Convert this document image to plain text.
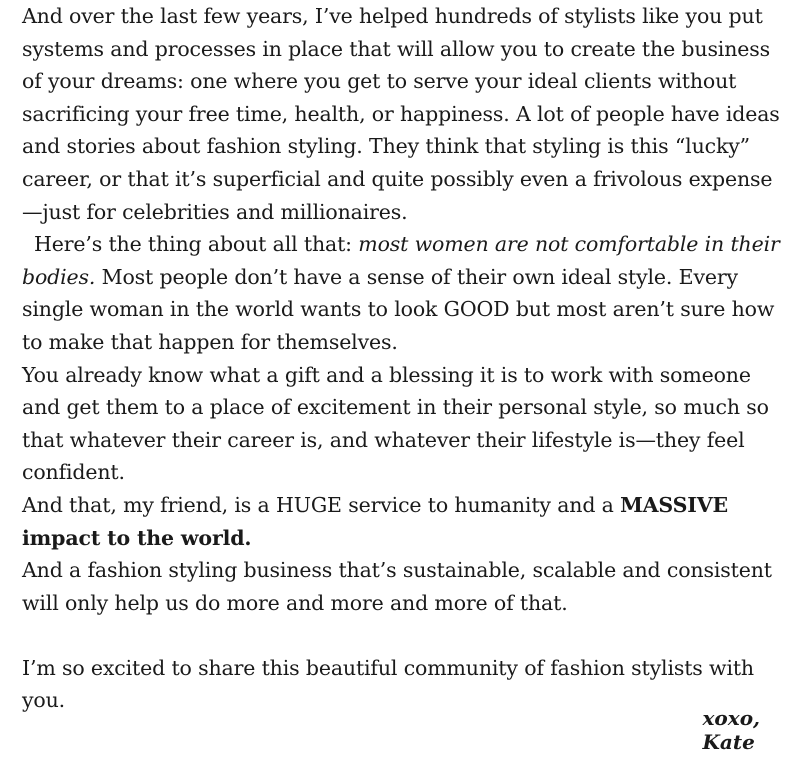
And over the last few years, I’ve helped hundreds of stylists like you put systems and processes in place that will allow you to create the business of your dreams: one where you get to serve your ideal clients without sacrificing your free time, health, or happiness. A lot of people have ideas and stories about fashion styling. They think that styling is this “lucky” career, or that it’s superficial and quite possibly even a frivolous expense—just for celebrities and millionaires.

Here’s the thing about all that: most women are not comfortable in their bodies. Most people don’t have a sense of their own ideal style. Every single woman in the world wants to look GOOD but most aren’t sure how to make that happen for themselves.

You already know what a gift and a blessing it is to work with someone and get them to a place of excitement in their personal style, so much so that whatever their career is, and whatever their lifestyle is—they feel confident.

And that, my friend, is a HUGE service to humanity and a MASSIVE impact to the world.

And a fashion styling business that’s sustainable, scalable and consistent will only help us do more and more and more of that.

I’m so excited to share this beautiful community of fashion stylists with you.

xoxo,
Kate
